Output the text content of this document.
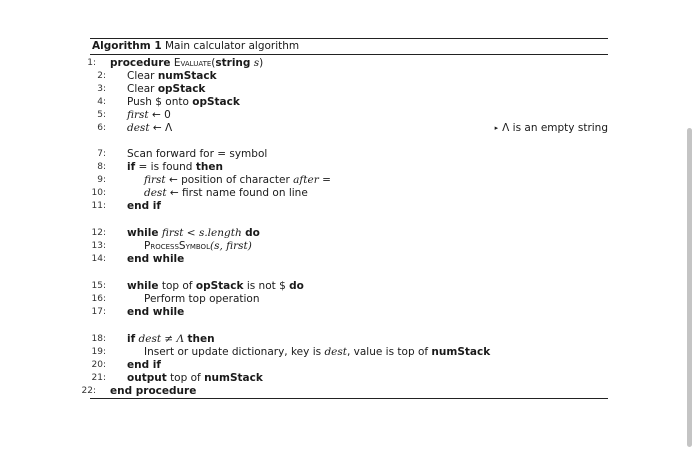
Algorithm 1 Main calculator algorithm
1: procedure Evaluate(string s)
2: Clear numStack
3: Clear opStack
4: Push $ onto opStack
5: first ← 0
6: dest ← Λ	▸ Λ is an empty string
7: Scan forward for = symbol
8: if = is found then
9:	first ← position of character after =
10:	dest ← first name found on line
11: end if
12: while first < s.length do
13:	ProcessSymbol(s, first)
14: end while
15: while top of opStack is not $ do
16:	Perform top operation
17: end while
18: if dest ≠ Λ then
19:	Insert or update dictionary, key is dest, value is top of numStack
20: end if
21: output top of numStack
22: end procedure
